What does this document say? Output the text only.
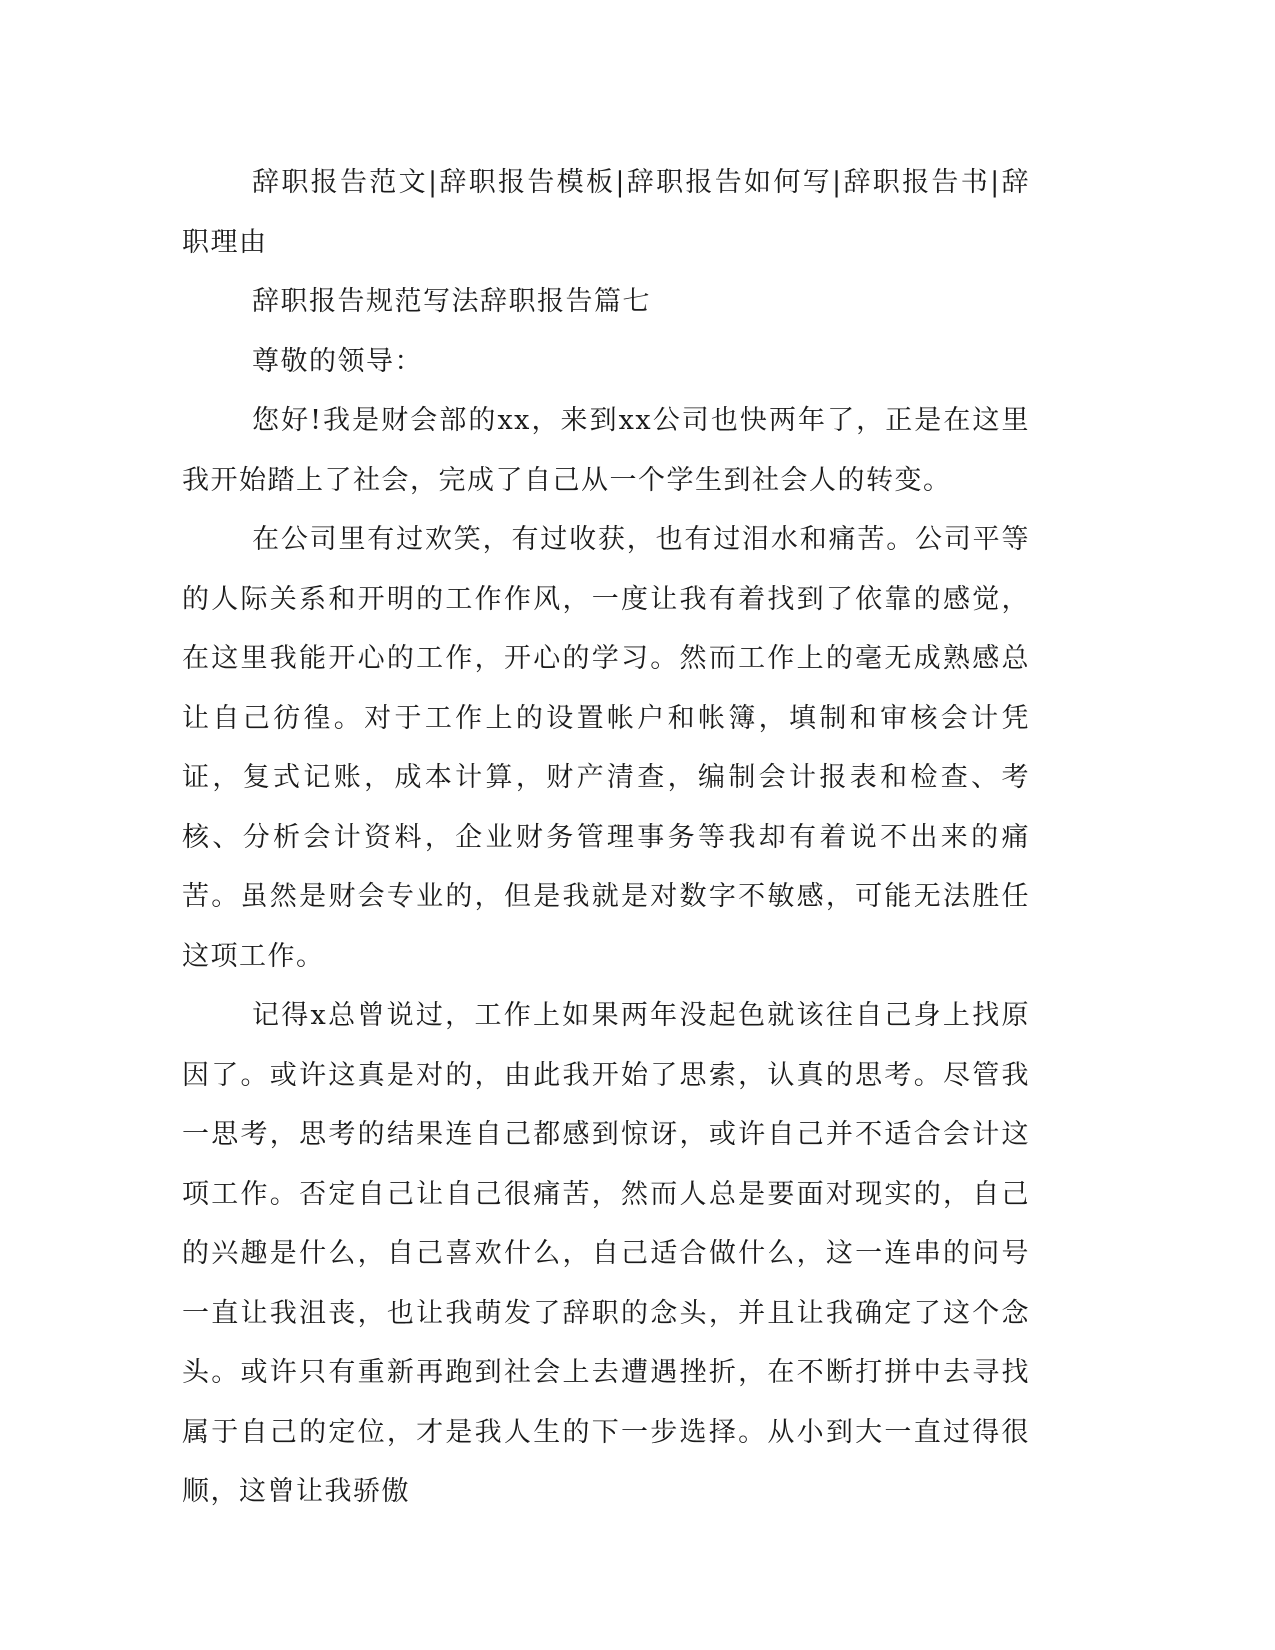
辞职报告范文|辞职报告模板|辞职报告如何写|辞职报告书|辞职理由

辞职报告规范写法辞职报告篇七

尊敬的领导：

您好!我是财会部的xx，来到xx公司也快两年了，正是在这里我开始踏上了社会，完成了自己从一个学生到社会人的转变。

在公司里有过欢笑，有过收获，也有过泪水和痛苦。公司平等的人际关系和开明的工作作风，一度让我有着找到了依靠的感觉，在这里我能开心的工作，开心的学习。然而工作上的毫无成熟感总让自己彷徨。对于工作上的设置帐户和帐簿，填制和审核会计凭证，复式记账，成本计算，财产清查，编制会计报表和检查、考核、分析会计资料，企业财务管理事务等我却有着说不出来的痛苦。虽然是财会专业的，但是我就是对数字不敏感，可能无法胜任这项工作。

记得x总曾说过，工作上如果两年没起色就该往自己身上找原因了。或许这真是对的，由此我开始了思索，认真的思考。尽管我一思考，思考的结果连自己都感到惊讶，或许自己并不适合会计这项工作。否定自己让自己很痛苦，然而人总是要面对现实的，自己的兴趣是什么，自己喜欢什么，自己适合做什么，这一连串的问号一直让我沮丧，也让我萌发了辞职的念头，并且让我确定了这个念头。或许只有重新再跑到社会上去遭遇挫折，在不断打拼中去寻找属于自己的定位，才是我人生的下一步选择。从小到大一直过得很顺，这曾让我骄傲
